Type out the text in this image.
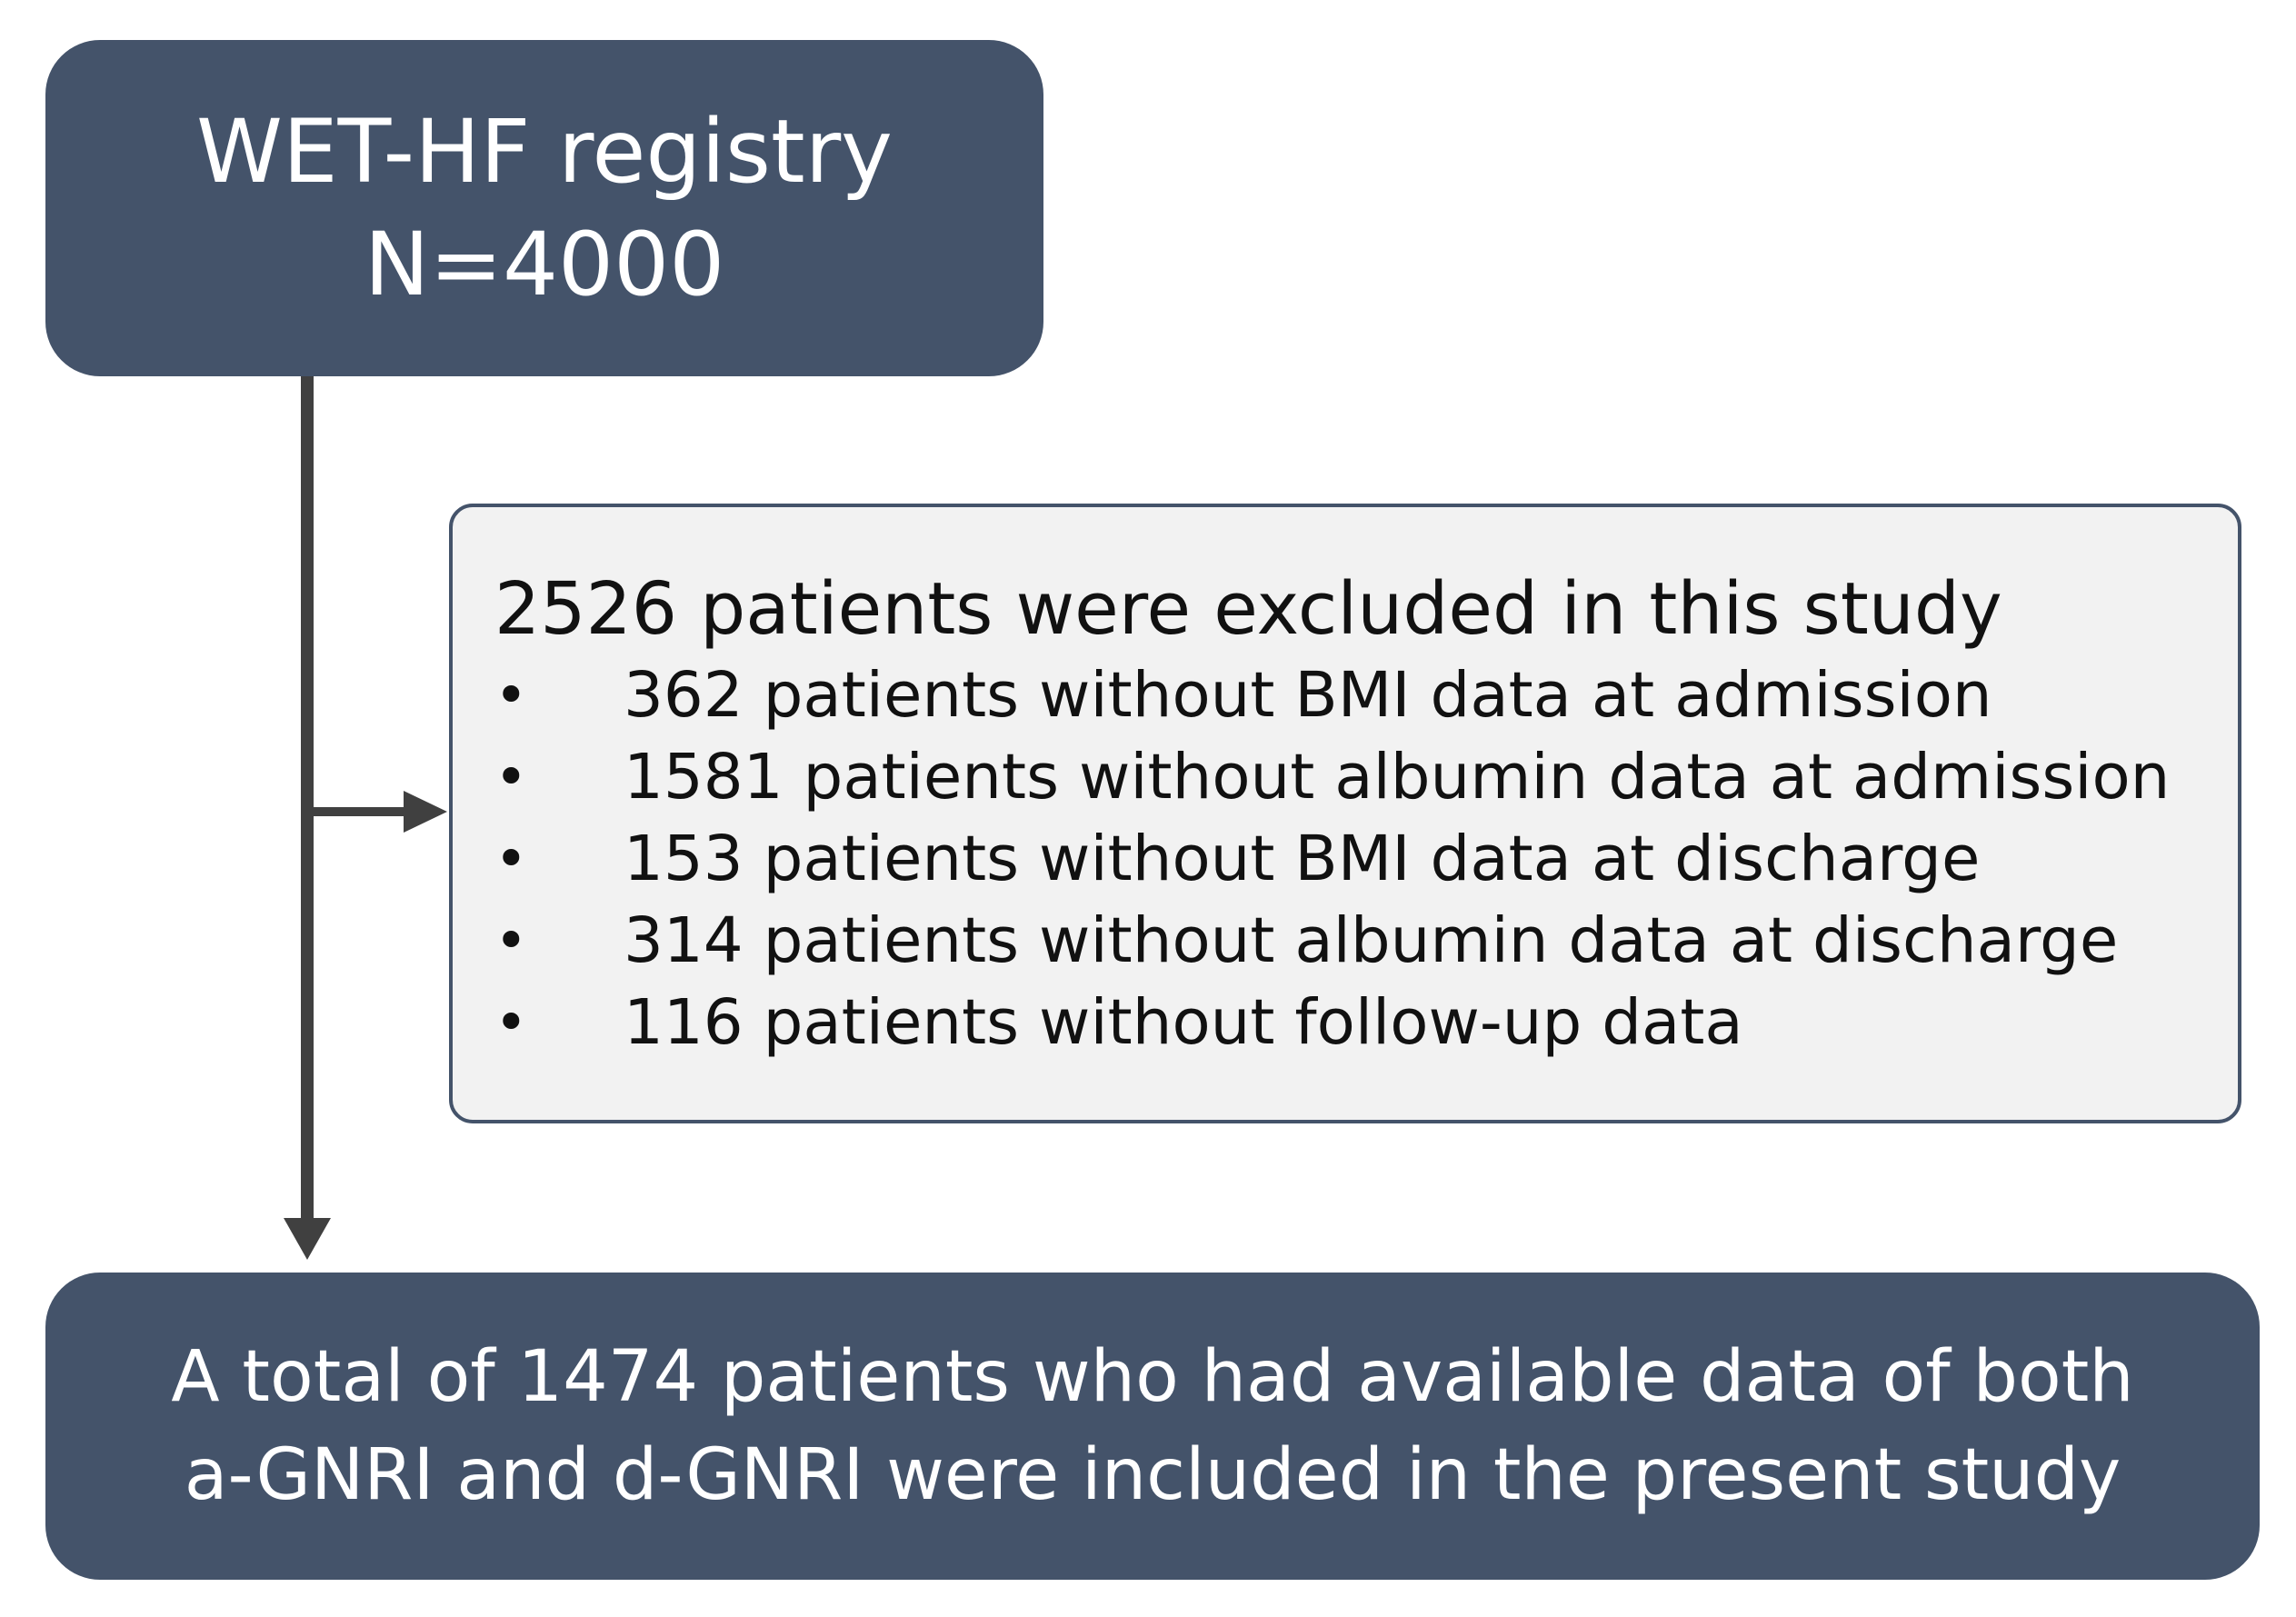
WET-HF registry
N=4000
2526 patients were excluded in this study
• 362 patients without BMI data at admission
• 1581 patients without albumin data at admission
• 153 patients without BMI data at discharge
• 314 patients without albumin data at discharge
• 116 patients without follow-up data
A total of 1474 patients who had available data of both
a-GNRI and d-GNRI were included in the present study
